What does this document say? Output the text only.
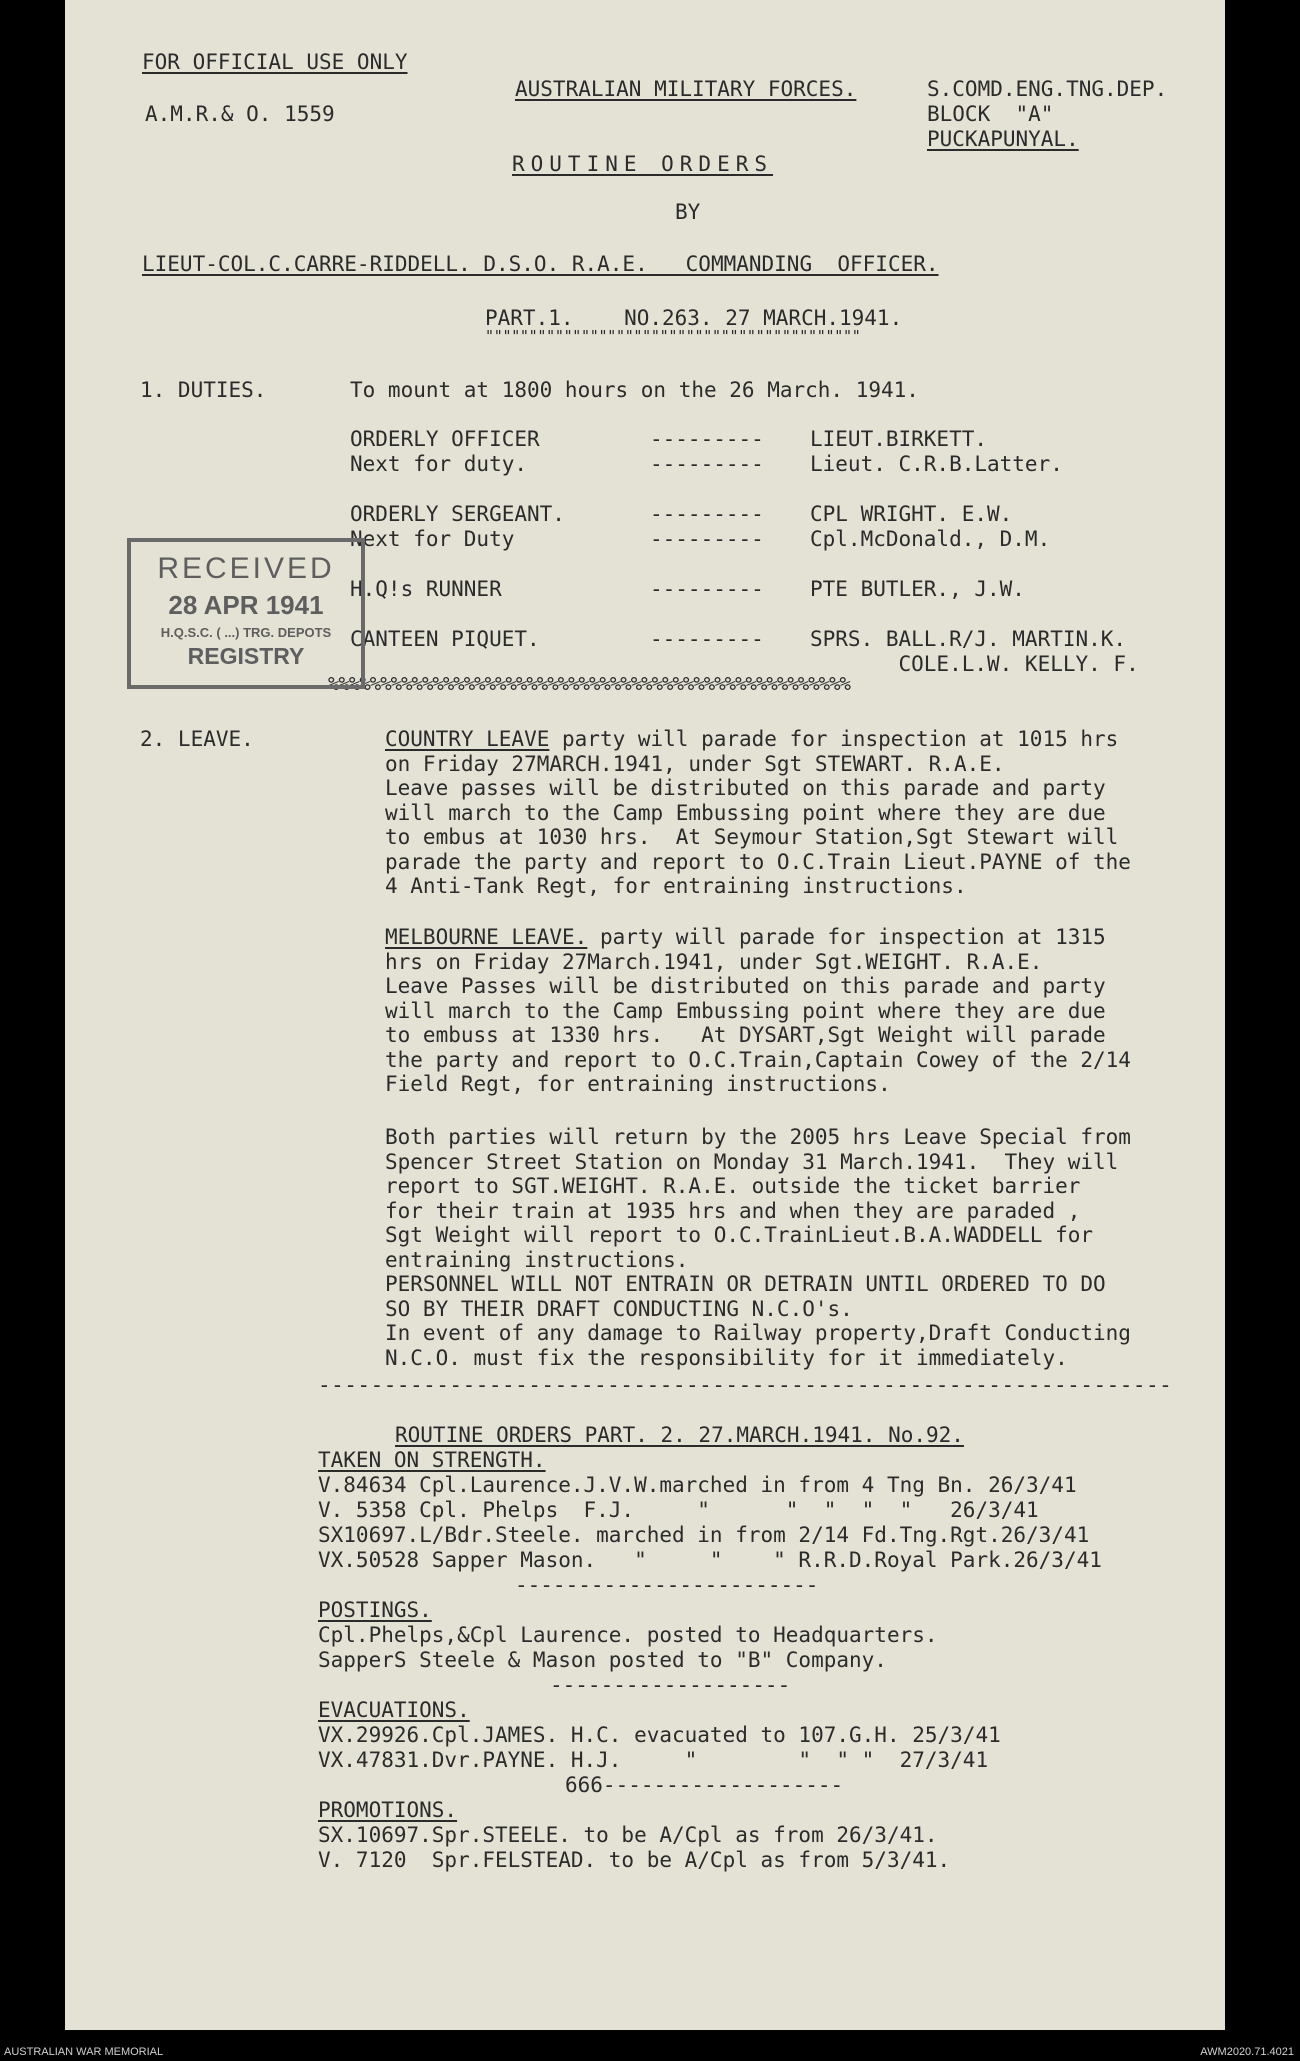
FOR OFFICIAL USE ONLY
A.M.R.& O. 1559
AUSTRALIAN MILITARY FORCES.	S.COMD.ENG.TNG.DEP.
BLOCK  "A"
PUCKAPUNYAL.
ROUTINE ORDERS
BY
LIEUT-COL.C.CARRE-RIDDELL. D.S.O. R.A.E.   COMMANDING  OFFICER.
PART.1.    NO.263. 27 MARCH.1941.
"""""""""""""""""""""""""""""""""""""""""""
1. DUTIES.	To mount at 1800 hours on the 26 March. 1941.
ORDERLY OFFICER	--------- LIEUT.BIRKETT.
Next for duty.	--------- Lieut. C.R.B.Latter.
ORDERLY SERGEANT.	--------- CPL WRIGHT. E.W.
Next for Duty	--------- Cpl.McDonald., D.M.
H.Q!s RUNNER	--------- PTE BUTLER., J.W.
CANTEEN PIQUET.	--------- SPRS. BALL.R/J. MARTIN.K.
COLE.L.W. KELLY. F.
%%%%%%%%%%%%%%%%%%%%%%%%%%%%%%%%%%%%%%%%%%%%%%%%%%
RECEIVED
28 APR 1941
H.Q.S.C. ( ...) TRG. DEPOTS
REGISTRY
2. LEAVE.	COUNTRY LEAVE party will parade for inspection at 1015 hrs
on Friday 27MARCH.1941, under Sgt STEWART. R.A.E.
Leave passes will be distributed on this parade and party
will march to the Camp Embussing point where they are due
to embus at 1030 hrs.  At Seymour Station,Sgt Stewart will
parade the party and report to O.C.Train Lieut.PAYNE of the
4 Anti-Tank Regt, for entraining instructions.
MELBOURNE LEAVE. party will parade for inspection at 1315
hrs on Friday 27March.1941, under Sgt.WEIGHT. R.A.E.
Leave Passes will be distributed on this parade and party
will march to the Camp Embussing point where they are due
to embuss at 1330 hrs.   At DYSART,Sgt Weight will parade
the party and report to O.C.Train,Captain Cowey of the 2/14
Field Regt, for entraining instructions.
Both parties will return by the 2005 hrs Leave Special from
Spencer Street Station on Monday 31 March.1941.  They will
report to SGT.WEIGHT. R.A.E. outside the ticket barrier
for their train at 1935 hrs and when they are paraded ,
Sgt Weight will report to O.C.TrainLieut.B.A.WADDELL for
entraining instructions.
PERSONNEL WILL NOT ENTRAIN OR DETRAIN UNTIL ORDERED TO DO
SO BY THEIR DRAFT CONDUCTING N.C.O's.
In event of any damage to Railway property,Draft Conducting
N.C.O. must fix the responsibility for it immediately.
-----------------------------------------------------------------
ROUTINE ORDERS PART. 2. 27.MARCH.1941. No.92.
TAKEN ON STRENGTH.
V.84634 Cpl.Laurence.J.V.W.marched in from 4 Tng Bn. 26/3/41
V. 5358 Cpl. Phelps  F.J.     "      "  "  "  "   26/3/41
SX10697.L/Bdr.Steele. marched in from 2/14 Fd.Tng.Rgt.26/3/41
VX.50528 Sapper Mason.   "     "    " R.R.D.Royal Park.26/3/41
------------------------
POSTINGS.
Cpl.Phelps,&Cpl Laurence. posted to Headquarters.
SapperS Steele & Mason posted to "B" Company.
-------------------
EVACUATIONS.
VX.29926.Cpl.JAMES. H.C. evacuated to 107.G.H. 25/3/41
VX.47831.Dvr.PAYNE. H.J.     "        "  " "  27/3/41
666-------------------
PROMOTIONS.
SX.10697.Spr.STEELE. to be A/Cpl as from 26/3/41.
V. 7120  Spr.FELSTEAD. to be A/Cpl as from 5/3/41.
AUSTRALIAN WAR MEMORIAL	AWM2020.71.4021
